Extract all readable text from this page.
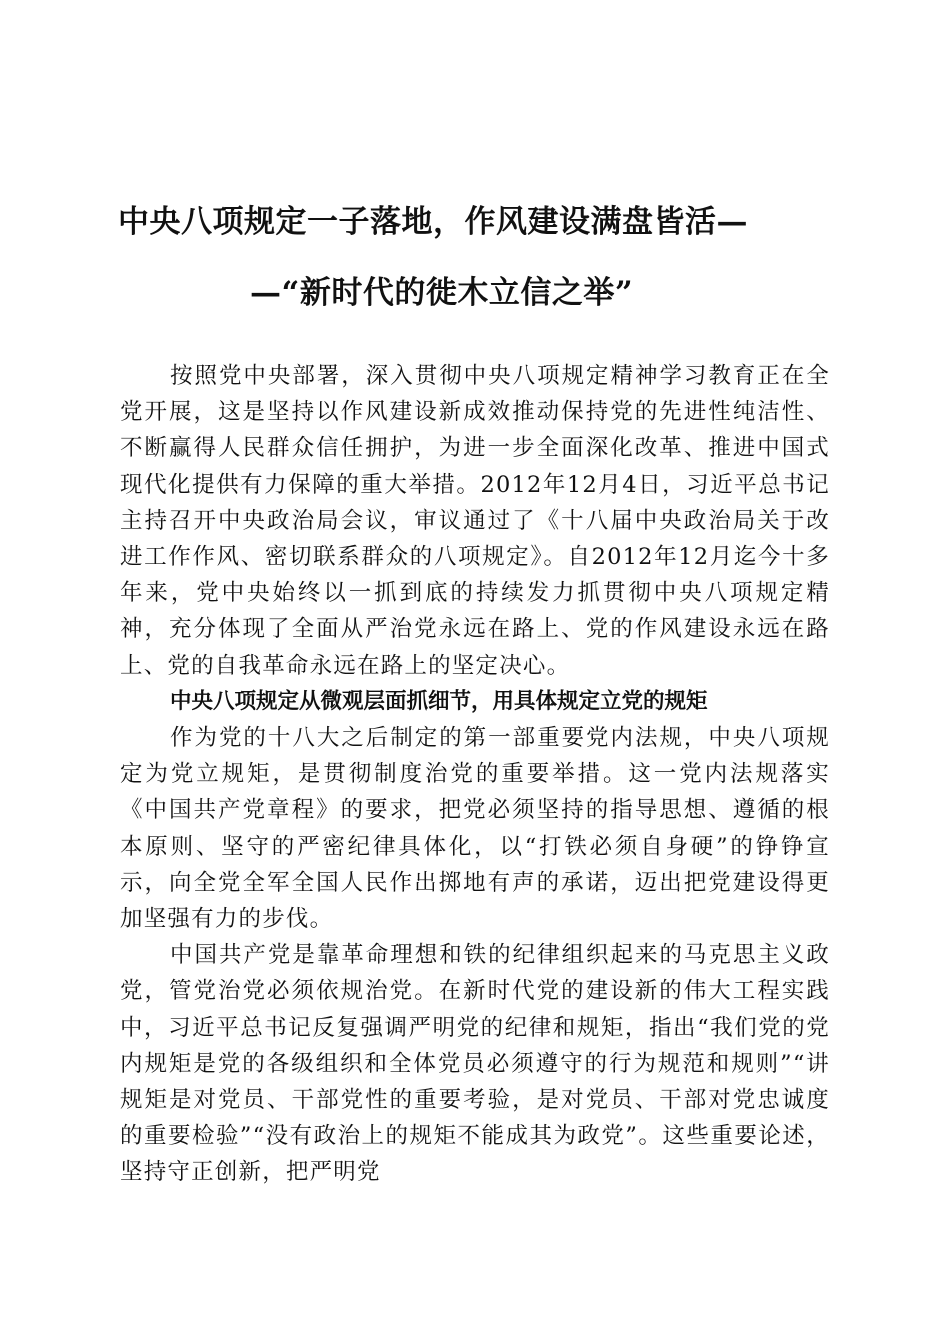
中央八项规定一子落地，作风建设满盘皆活—
—“新时代的徙木立信之举”

按照党中央部署，深入贯彻中央八项规定精神学习教育正在全党开展，这是坚持以作风建设新成效推动保持党的先进性纯洁性、不断赢得人民群众信任拥护，为进一步全面深化改革、推进中国式现代化提供有力保障的重大举措。2012年12月4日，习近平总书记主持召开中央政治局会议，审议通过了《十八届中央政治局关于改进工作作风、密切联系群众的八项规定》。自2012年12月迄今十多年来，党中央始终以一抓到底的持续发力抓贯彻中央八项规定精神，充分体现了全面从严治党永远在路上、党的作风建设永远在路上、党的自我革命永远在路上的坚定决心。

中央八项规定从微观层面抓细节，用具体规定立党的规矩

作为党的十八大之后制定的第一部重要党内法规，中央八项规定为党立规矩，是贯彻制度治党的重要举措。这一党内法规落实《中国共产党章程》的要求，把党必须坚持的指导思想、遵循的根本原则、坚守的严密纪律具体化，以“打铁必须自身硬”的铮铮宣示，向全党全军全国人民作出掷地有声的承诺，迈出把党建设得更加坚强有力的步伐。

中国共产党是靠革命理想和铁的纪律组织起来的马克思主义政党，管党治党必须依规治党。在新时代党的建设新的伟大工程实践中，习近平总书记反复强调严明党的纪律和规矩，指出“我们党的党内规矩是党的各级组织和全体党员必须遵守的行为规范和规则”“讲规矩是对党员、干部党性的重要考验，是对党员、干部对党忠诚度的重要检验”“没有政治上的规矩不能成其为政党”。这些重要论述，坚持守正创新，把严明党
